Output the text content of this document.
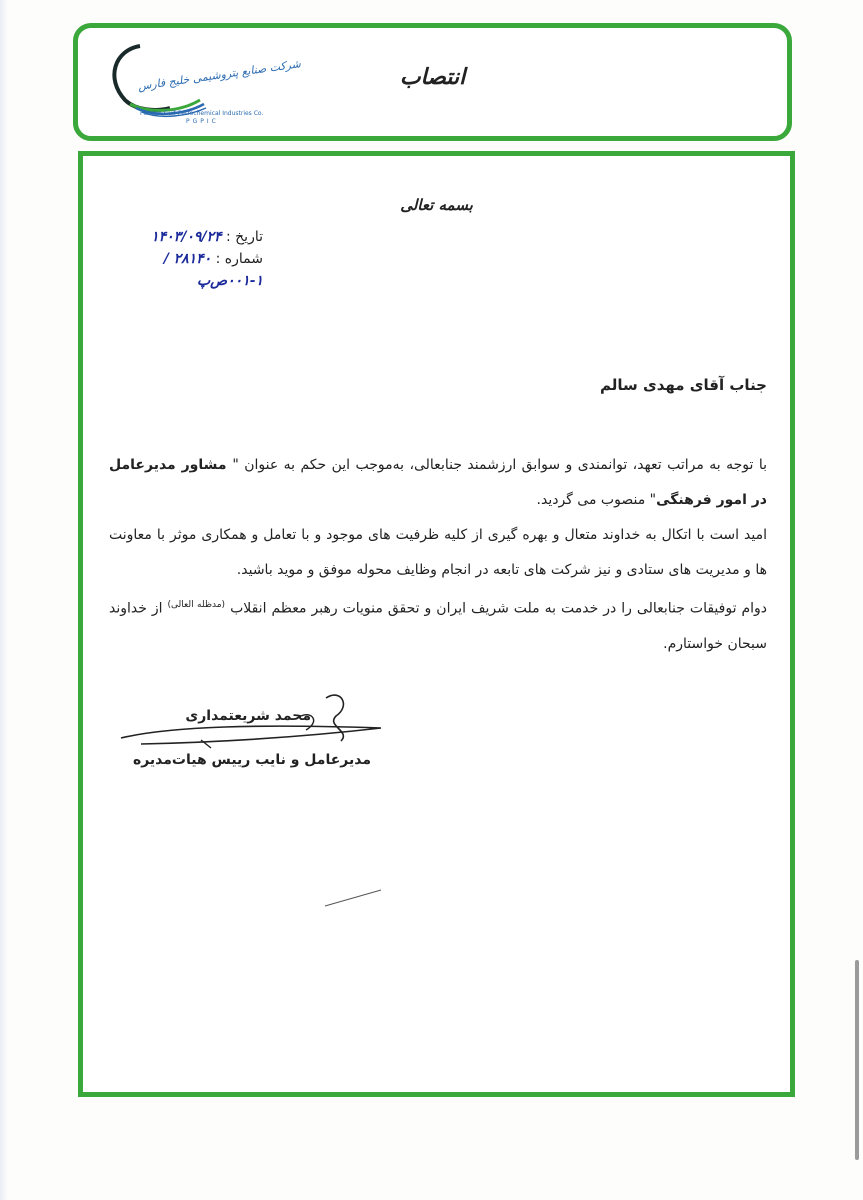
شرکت صنایع پتروشیمی خلیج فارس
Persian Gulf Petrochemical Industries Co.
PGPIC
انتصاب
بسمه تعالی
تاریخ : ۱۴۰۳/۰۹/۲۴
شماره : ۲۸۱۴۰ / ۱-۰۰۱ص‌پ
جناب آقای مهدی سالم

با توجه به مراتب تعهد، توانمندی و سوابق ارزشمند جنابعالی، به‌موجب این حکم به عنوان " مشاور مدیرعامل در امور فرهنگی" منصوب می گردید.

امید است با اتکال به خداوند متعال و بهره گیری از کلیه ظرفیت های موجود و با تعامل و همکاری موثر با معاونت ها و مدیریت های ستادی و نیز شرکت های تابعه در انجام وظایف محوله موفق و موید باشید.

دوام توفیقات جنابعالی را در خدمت به ملت شریف ایران و تحقق منویات رهبر معظم انقلاب $^{(مدظله العالی)}$ از خداوند سبحان خواستارم.

محمد شریعتمداری
مدیرعامل و نایب رییس هیات‌مدیره
